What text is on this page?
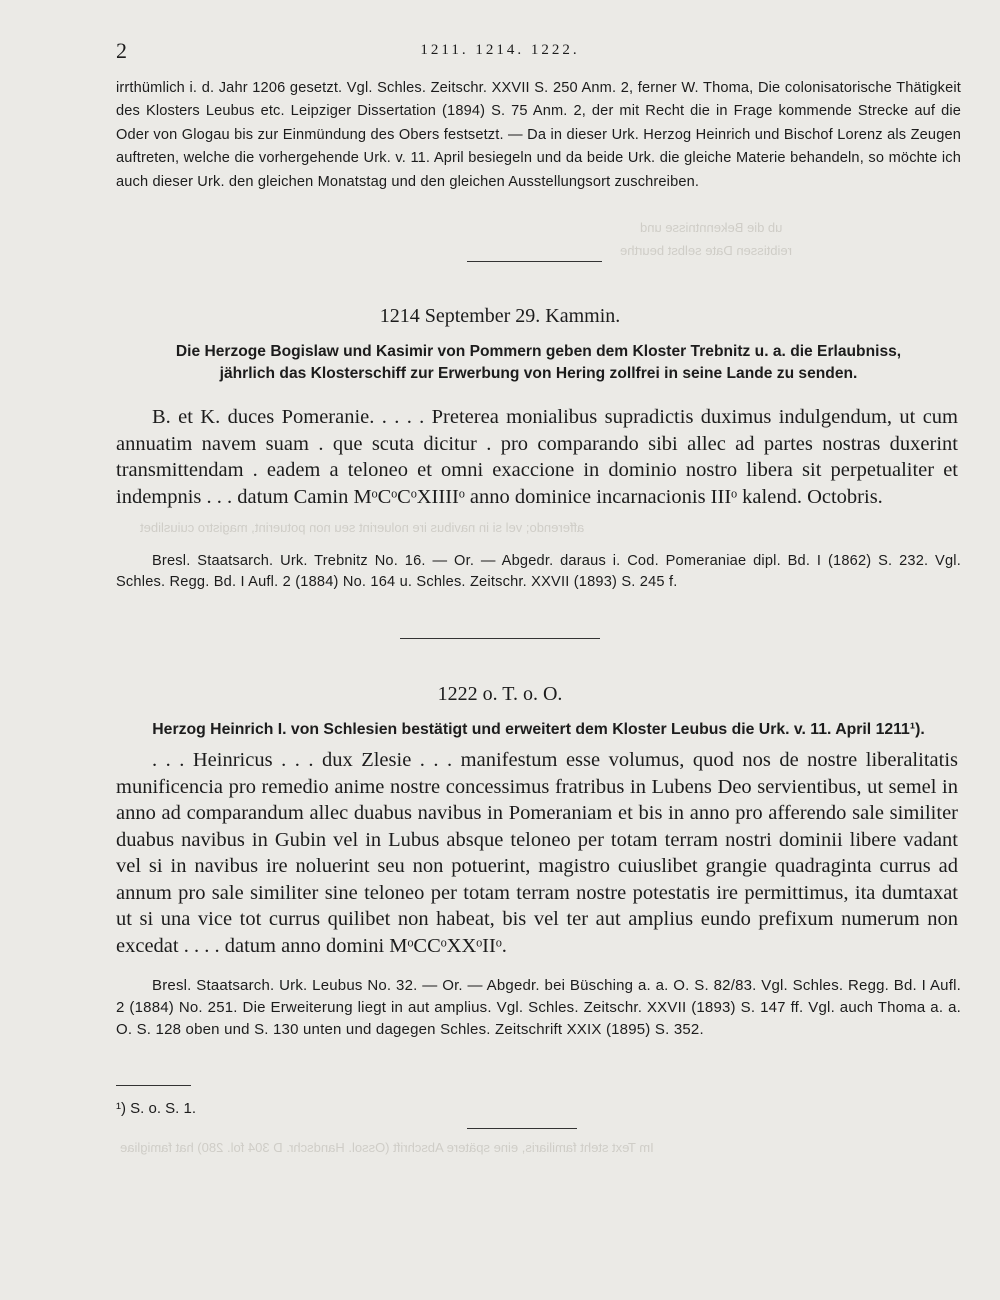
ub die Bekenntnisse und
reibtissen Date selbst beurthe
afferendo; vel si in navibus ire noluerint seu non potuerint, magistro cuiuslibet
Im Text steht familiaris, eine spätere Abschrift (Ossol. Handschr. D 304 fol. 280) hat famigliae
2	1211. 1214. 1222.
irrthümlich i. d. Jahr 1206 gesetzt. Vgl. Schles. Zeitschr. XXVII S. 250 Anm. 2, ferner W. Thoma, Die colonisatorische Thätigkeit des Klosters Leubus etc. Leipziger Dissertation (1894) S. 75 Anm. 2, der mit Recht die in Frage kommende Strecke auf die Oder von Glogau bis zur Einmündung des Obers festsetzt. — Da in dieser Urk. Herzog Heinrich und Bischof Lorenz als Zeugen auftreten, welche die vorhergehende Urk. v. 11. April besiegeln und da beide Urk. die gleiche Materie behandeln, so möchte ich auch dieser Urk. den gleichen Monatstag und den gleichen Ausstellungsort zuschreiben.
1214 September 29. Kammin.
Die Herzoge Bogislaw und Kasimir von Pommern geben dem Kloster Trebnitz u. a. die Erlaubniss,
jährlich das Klosterschiff zur Erwerbung von Hering zollfrei in seine Lande zu senden.
B. et K. duces Pomeranie. . . . . Preterea monialibus supradictis duximus indulgendum, ut cum annuatim navem suam . que scuta dicitur . pro comparando sibi allec ad partes nostras duxerint transmittendam . eadem a teloneo et omni exaccione in dominio nostro libera sit perpetualiter et indempnis . . . datum Camin MᵒCᵒCᵒXIIIIᵒ anno dominice incarnacionis IIIᵒ kalend. Octobris.
Bresl. Staatsarch. Urk. Trebnitz No. 16. — Or. — Abgedr. daraus i. Cod. Pomeraniae dipl. Bd. I (1862) S. 232. Vgl. Schles. Regg. Bd. I Aufl. 2 (1884) No. 164 u. Schles. Zeitschr. XXVII (1893) S. 245 f.
1222 o. T. o. O.
Herzog Heinrich I. von Schlesien bestätigt und erweitert dem Kloster Leubus die Urk. v. 11. April 1211¹).
. . . Heinricus . . . dux Zlesie . . . manifestum esse volumus, quod nos de nostre liberalitatis munificencia pro remedio anime nostre concessimus fratribus in Lubens Deo servientibus, ut semel in anno ad comparandum allec duabus navibus in Pomeraniam et bis in anno pro afferendo sale similiter duabus navibus in Gubin vel in Lubus absque teloneo per totam terram nostri dominii libere vadant vel si in navibus ire noluerint seu non potuerint, magistro cuiuslibet grangie quadraginta currus ad annum pro sale similiter sine teloneo per totam terram nostre potestatis ire permittimus, ita dumtaxat ut si una vice tot currus quilibet non habeat, bis vel ter aut amplius eundo prefixum numerum non excedat . . . . datum anno domini MᵒCCᵒXXᵒIIᵒ.
Bresl. Staatsarch. Urk. Leubus No. 32. — Or. — Abgedr. bei Büsching a. a. O. S. 82/83. Vgl. Schles. Regg. Bd. I Aufl. 2 (1884) No. 251. Die Erweiterung liegt in aut amplius. Vgl. Schles. Zeitschr. XXVII (1893) S. 147 ff. Vgl. auch Thoma a. a. O. S. 128 oben und S. 130 unten und dagegen Schles. Zeitschrift XXIX (1895) S. 352.
¹) S. o. S. 1.
